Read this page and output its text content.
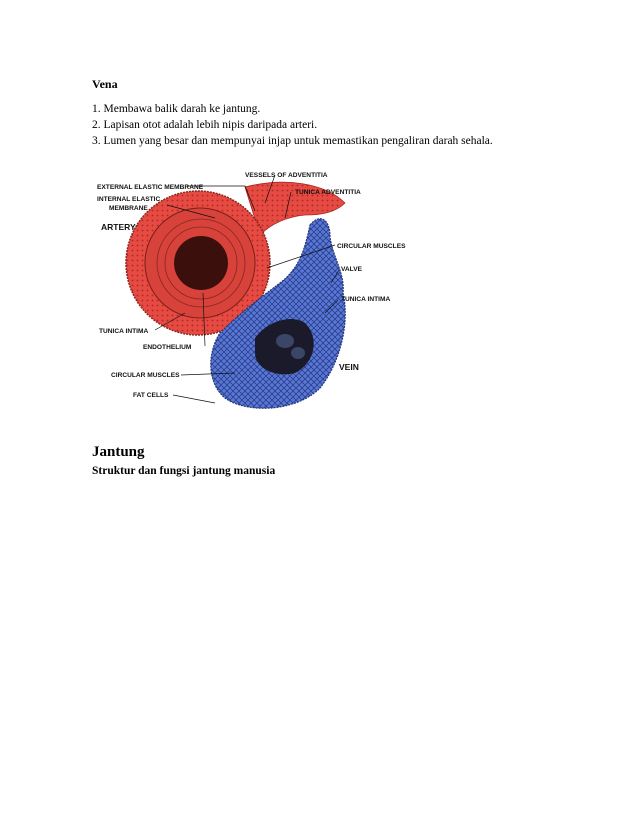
Vena
1. Membawa balik darah ke jantung.
2. Lapisan otot adalah lebih nipis daripada arteri.
3. Lumen yang besar dan mempunyai injap untuk memastikan pengaliran darah sehala.
EXTERNAL ELASTIC MEMBRANE
INTERNAL ELASTIC
MEMBRANE
ARTERY
VESSELS OF ADVENTITIA
TUNICA ADVENTITIA
CIRCULAR MUSCLES
VALVE
TUNICA INTIMA
TUNICA INTIMA
ENDOTHELIUM
VEIN
CIRCULAR MUSCLES
FAT CELLS
Jantung
Struktur dan fungsi jantung manusia
